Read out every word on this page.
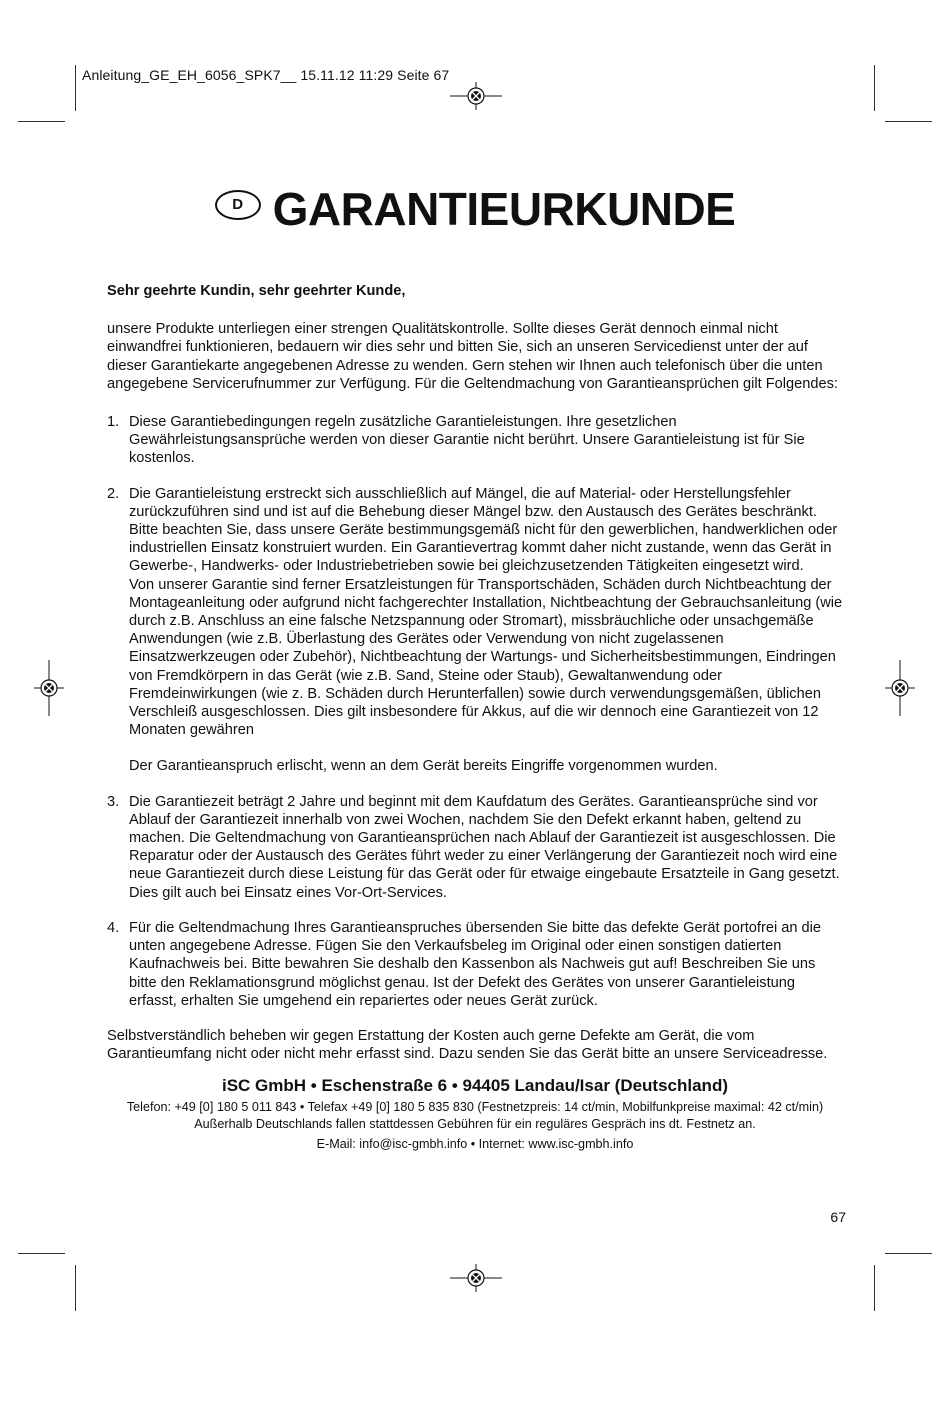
Anleitung_GE_EH_6056_SPK7__ 15.11.12 11:29 Seite 67
D GARANTIEURKUNDE

Sehr geehrte Kundin, sehr geehrter Kunde,

unsere Produkte unterliegen einer strengen Qualitätskontrolle. Sollte dieses Gerät dennoch einmal nicht einwandfrei funktionieren, bedauern wir dies sehr und bitten Sie, sich an unseren Servicedienst unter der auf dieser Garantiekarte angegebenen Adresse zu wenden. Gern stehen wir Ihnen auch telefonisch über die unten angegebene Servicerufnummer zur Verfügung. Für die Geltendmachung von Garantieansprüchen gilt Folgendes:

1. Diese Garantiebedingungen regeln zusätzliche Garantieleistungen. Ihre gesetzlichen Gewährleistungsansprüche werden von dieser Garantie nicht berührt. Unsere Garantieleistung ist für Sie kostenlos.

2. Die Garantieleistung erstreckt sich ausschließlich auf Mängel, die auf Material- oder Herstellungsfehler zurückzuführen sind und ist auf die Behebung dieser Mängel bzw. den Austausch des Gerätes beschränkt. Bitte beachten Sie, dass unsere Geräte bestimmungsgemäß nicht für den gewerblichen, handwerklichen oder industriellen Einsatz konstruiert wurden. Ein Garantievertrag kommt daher nicht zustande, wenn das Gerät in Gewerbe-, Handwerks- oder Industriebetrieben sowie bei gleichzusetzenden Tätigkeiten eingesetzt wird.

Von unserer Garantie sind ferner Ersatzleistungen für Transportschäden, Schäden durch Nichtbeachtung der Montageanleitung oder aufgrund nicht fachgerechter Installation, Nichtbeachtung der Gebrauchsanleitung (wie durch z.B. Anschluss an eine falsche Netzspannung oder Stromart), missbräuchliche oder unsachgemäße Anwendungen (wie z.B. Überlastung des Gerätes oder Verwendung von nicht zugelassenen Einsatzwerkzeugen oder Zubehör), Nichtbeachtung der Wartungs- und Sicherheitsbestimmungen, Eindringen von Fremdkörpern in das Gerät (wie z.B. Sand, Steine oder Staub), Gewaltanwendung oder Fremdeinwirkungen (wie z. B. Schäden durch Herunterfallen) sowie durch verwendungsgemäßen, üblichen Verschleiß ausgeschlossen. Dies gilt insbesondere für Akkus, auf die wir dennoch eine Garantiezeit von 12 Monaten gewähren

Der Garantieanspruch erlischt, wenn an dem Gerät bereits Eingriffe vorgenommen wurden.

3. Die Garantiezeit beträgt 2 Jahre und beginnt mit dem Kaufdatum des Gerätes. Garantieansprüche sind vor Ablauf der Garantiezeit innerhalb von zwei Wochen, nachdem Sie den Defekt erkannt haben, geltend zu machen. Die Geltendmachung von Garantieansprüchen nach Ablauf der Garantiezeit ist ausgeschlossen. Die Reparatur oder der Austausch des Gerätes führt weder zu einer Verlängerung der Garantiezeit noch wird eine neue Garantiezeit durch diese Leistung für das Gerät oder für etwaige eingebaute Ersatzteile in Gang gesetzt. Dies gilt auch bei Einsatz eines Vor-Ort-Services.

4. Für die Geltendmachung Ihres Garantieanspruches übersenden Sie bitte das defekte Gerät portofrei an die unten angegebene Adresse. Fügen Sie den Verkaufsbeleg im Original oder einen sonstigen datierten Kaufnachweis bei. Bitte bewahren Sie deshalb den Kassenbon als Nachweis gut auf! Beschreiben Sie uns bitte den Reklamationsgrund möglichst genau. Ist der Defekt des Gerätes von unserer Garantieleistung erfasst, erhalten Sie umgehend ein repariertes oder neues Gerät zurück.

Selbstverständlich beheben wir gegen Erstattung der Kosten auch gerne Defekte am Gerät, die vom Garantieumfang nicht oder nicht mehr erfasst sind. Dazu senden Sie das Gerät bitte an unsere Serviceadresse.

iSC GmbH • Eschenstraße 6 • 94405 Landau/Isar (Deutschland)
Telefon: +49 [0] 180 5 011 843 • Telefax +49 [0] 180 5 835 830 (Festnetzpreis: 14 ct/min, Mobilfunkpreise maximal: 42 ct/min)
Außerhalb Deutschlands fallen stattdessen Gebühren für ein reguläres Gespräch ins dt. Festnetz an.
E-Mail: info@isc-gmbh.info • Internet: www.isc-gmbh.info
67
